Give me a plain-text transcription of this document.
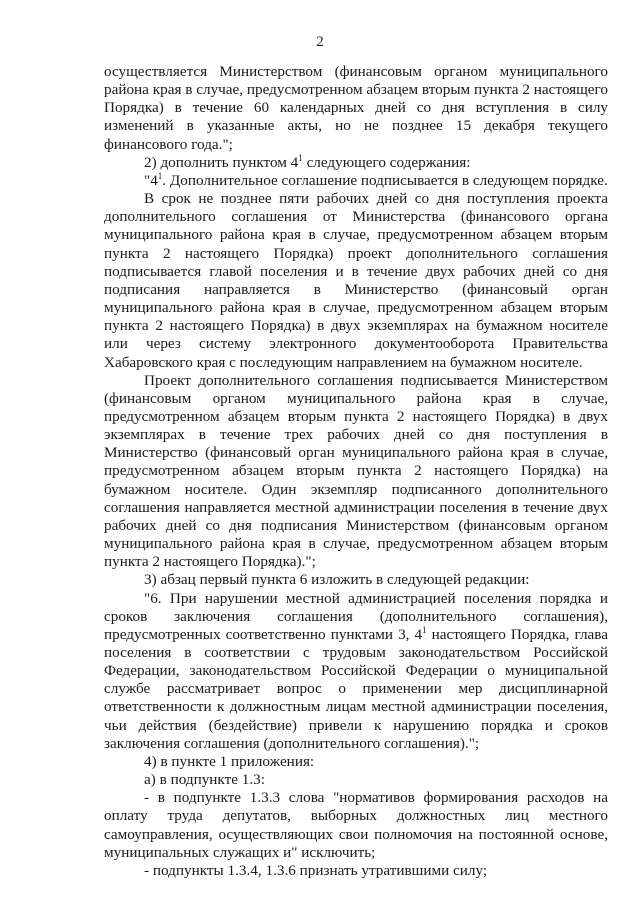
2

осуществляется Министерством (финансовым органом муниципального района края в случае, предусмотренном абзацем вторым пункта 2 настоящего Порядка) в течение 60 календарных дней со дня вступления в силу изменений в указанные акты, но не позднее 15 декабря текущего финансового года.";

2) дополнить пунктом $4^1$ следующего содержания:

"$4^1$. Дополнительное соглашение подписывается в следующем порядке.

В срок не позднее пяти рабочих дней со дня поступления проекта дополнительного соглашения от Министерства (финансового органа муниципального района края в случае, предусмотренном абзацем вторым пункта 2 настоящего Порядка) проект дополнительного соглашения подписывается главой поселения и в течение двух рабочих дней со дня подписания направляется в Министерство (финансовый орган муниципального района края в случае, предусмотренном абзацем вторым пункта 2 настоящего Порядка) в двух экземплярах на бумажном носителе или через систему электронного документооборота Правительства Хабаровского края с последующим направлением на бумажном носителе.

Проект дополнительного соглашения подписывается Министерством (финансовым органом муниципального района края в случае, предусмотренном абзацем вторым пункта 2 настоящего Порядка) в двух экземплярах в течение трех рабочих дней со дня поступления в Министерство (финансовый орган муниципального района края в случае, предусмотренном абзацем вторым пункта 2 настоящего Порядка) на бумажном носителе. Один экземпляр подписанного дополнительного соглашения направляется местной администрации поселения в течение двух рабочих дней со дня подписания Министерством (финансовым органом муниципального района края в случае, предусмотренном абзацем вторым пункта 2 настоящего Порядка).";

3) абзац первый пункта 6 изложить в следующей редакции:

"6. При нарушении местной администрацией поселения порядка и сроков заключения соглашения (дополнительного соглашения), предусмотренных соответственно пунктами 3, $4^1$ настоящего Порядка, глава поселения в соответствии с трудовым законодательством Российской Федерации, законодательством Российской Федерации о муниципальной службе рассматривает вопрос о применении мер дисциплинарной ответственности к должностным лицам местной администрации поселения, чьи действия (бездействие) привели к нарушению порядка и сроков заключения соглашения (дополнительного соглашения).";

4) в пункте 1 приложения:

а) в подпункте 1.3:

- в подпункте 1.3.3 слова "нормативов формирования расходов на оплату труда депутатов, выборных должностных лиц местного самоуправления, осуществляющих свои полномочия на постоянной основе, муниципальных служащих и" исключить;

- подпункты 1.3.4, 1.3.6 признать утратившими силу;
